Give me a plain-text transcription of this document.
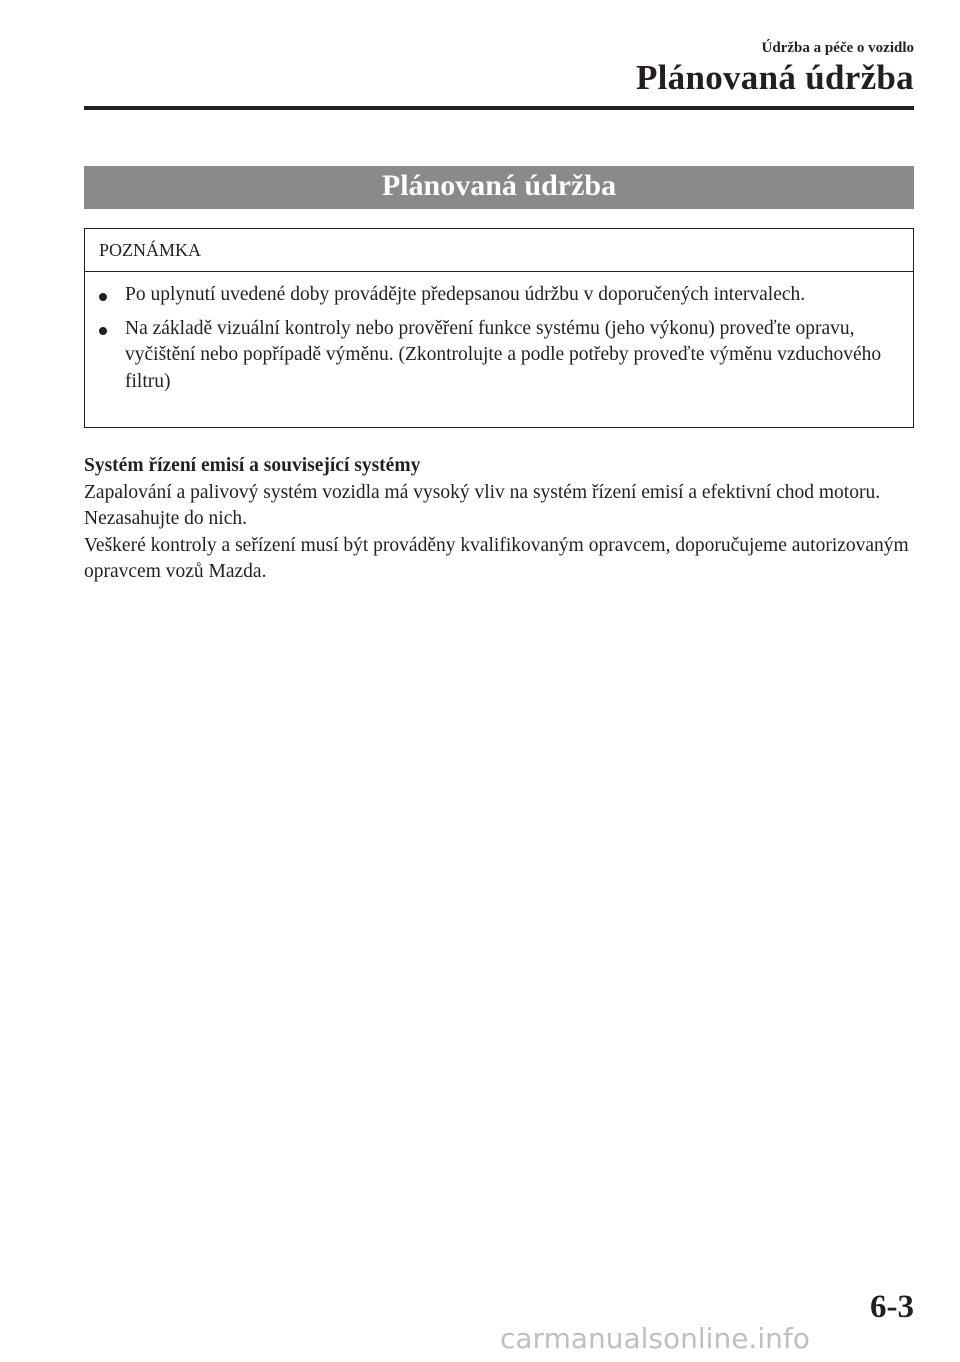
Údržba a péče o vozidlo
Plánovaná údržba
Plánovaná údržba
POZNÁMKA
Po uplynutí uvedené doby provádějte předepsanou údržbu v doporučených intervalech.
Na základě vizuální kontroly nebo prověření funkce systému (jeho výkonu) proveďte opravu, vyčištění nebo popřípadě výměnu. (Zkontrolujte a podle potřeby proveďte výměnu vzduchového filtru)
Systém řízení emisí a související systémy

Zapalování a palivový systém vozidla má vysoký vliv na systém řízení emisí a efektivní chod motoru. Nezasahujte do nich.

Veškeré kontroly a seřízení musí být prováděny kvalifikovaným opravcem, doporučujeme autorizovaným opravcem vozů Mazda.

6-3
carmanualsonline.info
